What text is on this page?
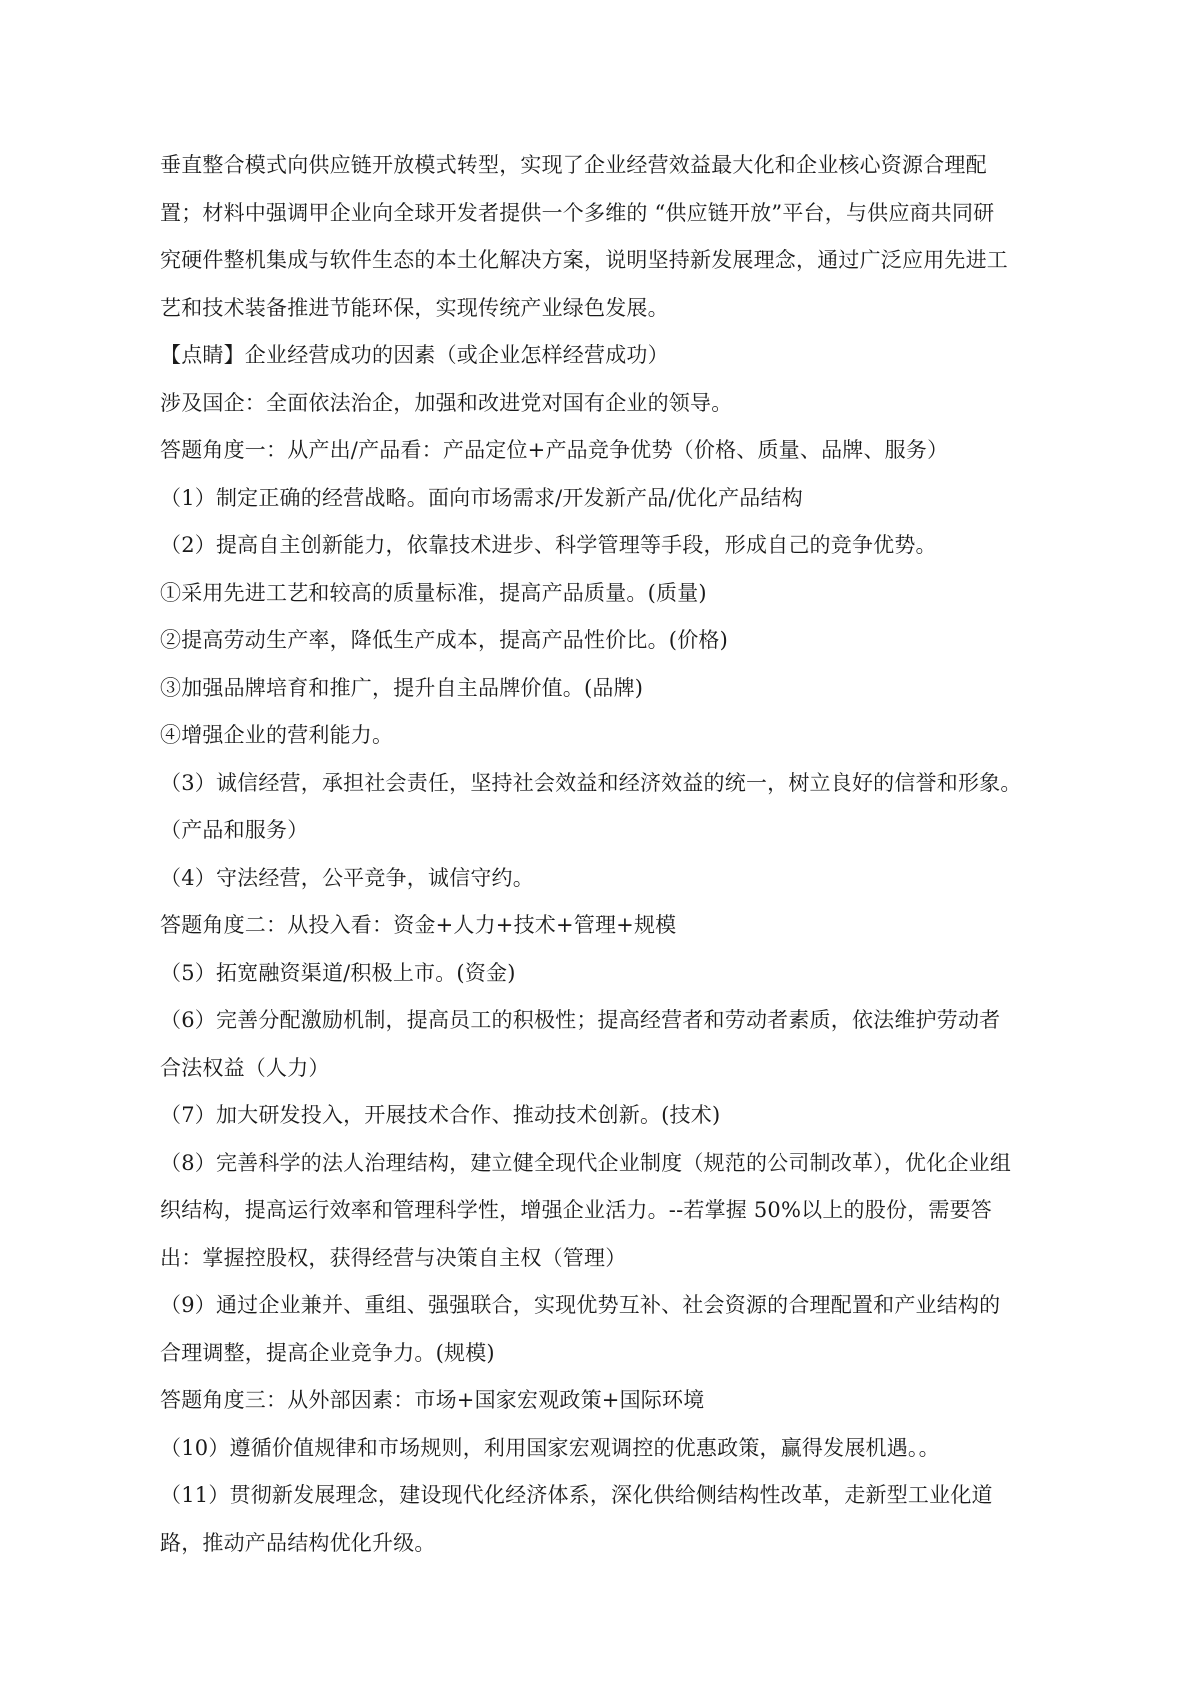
垂直整合模式向供应链开放模式转型，实现了企业经营效益最大化和企业核心资源合理配
置；材料中强调甲企业向全球开发者提供一个多维的 “供应链开放”平台，与供应商共同研
究硬件整机集成与软件生态的本土化解决方案，说明坚持新发展理念，通过广泛应用先进工
艺和技术装备推进节能环保，实现传统产业绿色发展。
【点睛】企业经营成功的因素（或企业怎样经营成功）
涉及国企：全面依法治企，加强和改进党对国有企业的领导。
答题角度一：从产出/产品看：产品定位+产品竞争优势（价格、质量、品牌、服务）
（1）制定正确的经营战略。面向市场需求/开发新产品/优化产品结构
（2）提高自主创新能力，依靠技术进步、科学管理等手段，形成自己的竞争优势。
①采用先进工艺和较高的质量标准，提高产品质量。(质量)
②提高劳动生产率，降低生产成本，提高产品性价比。(价格)
③加强品牌培育和推广，提升自主品牌价值。(品牌)
④增强企业的营利能力。
（3）诚信经营，承担社会责任，坚持社会效益和经济效益的统一，树立良好的信誉和形象。
（产品和服务）
（4）守法经营，公平竞争，诚信守约。
答题角度二：从投入看：资金+人力+技术+管理+规模
（5）拓宽融资渠道/积极上市。(资金)
（6）完善分配激励机制，提高员工的积极性；提高经营者和劳动者素质，依法维护劳动者
合法权益（人力）
（7）加大研发投入，开展技术合作、推动技术创新。(技术)
（8）完善科学的法人治理结构，建立健全现代企业制度（规范的公司制改革），优化企业组
织结构，提高运行效率和管理科学性，增强企业活力。--若掌握 50%以上的股份，需要答
出：掌握控股权，获得经营与决策自主权（管理）
（9）通过企业兼并、重组、强强联合，实现优势互补、社会资源的合理配置和产业结构的
合理调整，提高企业竞争力。(规模)
答题角度三：从外部因素：市场+国家宏观政策+国际环境
（10）遵循价值规律和市场规则，利用国家宏观调控的优惠政策，赢得发展机遇。。
（11）贯彻新发展理念，建设现代化经济体系，深化供给侧结构性改革，走新型工业化道
路，推动产品结构优化升级。
